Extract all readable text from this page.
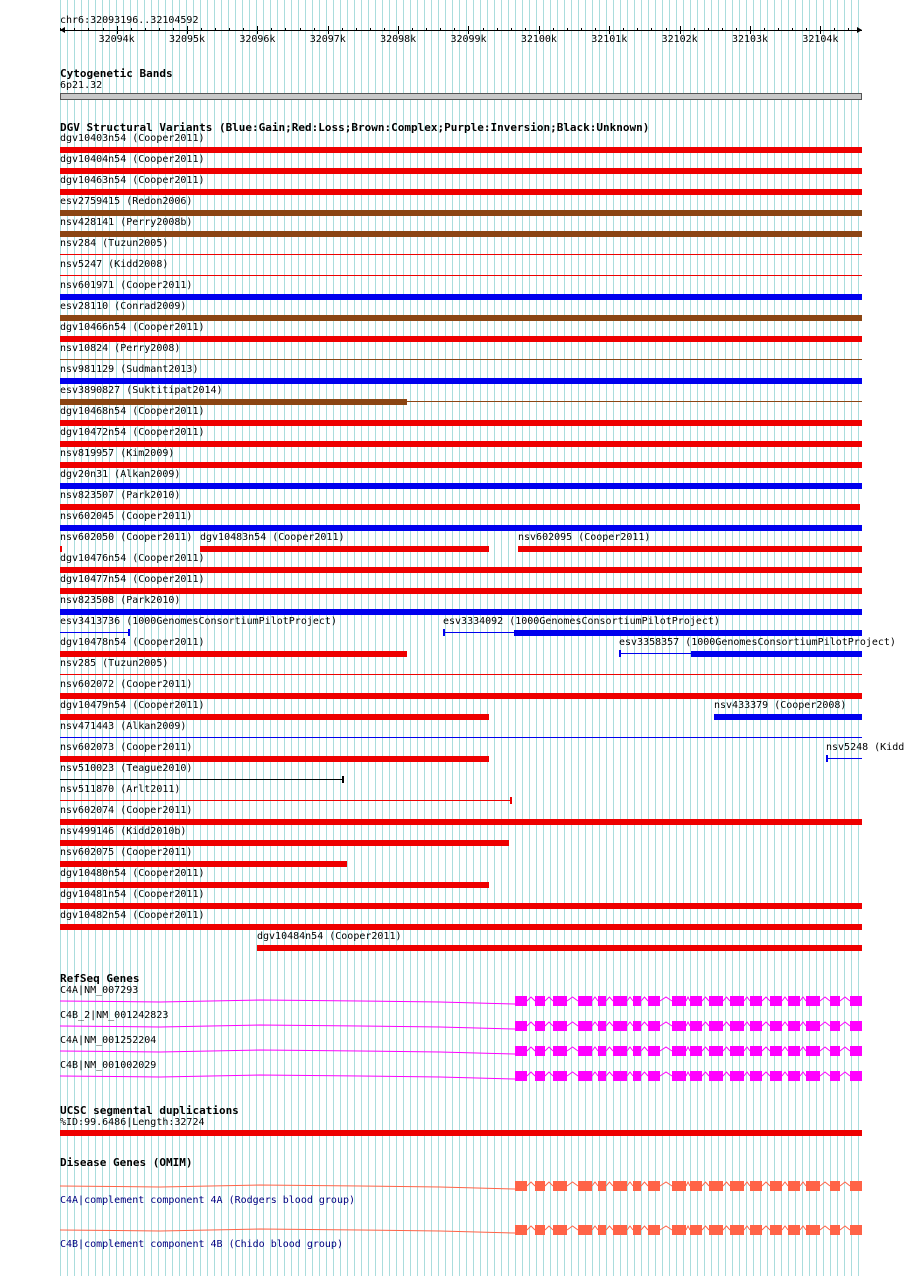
chr6:32093196..32104592
32094k	32095k	32096k	32097k	32098k	32099k	32100k	32101k	32102k	32103k	32104k
Cytogenetic Bands
6p21.32
DGV Structural Variants (Blue:Gain;Red:Loss;Brown:Complex;Purple:Inversion;Black:Unknown)
dgv10403n54 (Cooper2011)
dgv10404n54 (Cooper2011)
dgv10463n54 (Cooper2011)
esv2759415 (Redon2006)
nsv428141 (Perry2008b)
nsv284 (Tuzun2005)
nsv5247 (Kidd2008)
nsv601971 (Cooper2011)
esv28110 (Conrad2009)
dgv10466n54 (Cooper2011)
nsv10824 (Perry2008)
nsv981129 (Sudmant2013)
esv3890827 (Suktitipat2014)
dgv10468n54 (Cooper2011)
dgv10472n54 (Cooper2011)
nsv819957 (Kim2009)
dgv20n31 (Alkan2009)
nsv823507 (Park2010)
nsv602045 (Cooper2011)
nsv602050 (Cooper2011) dgv10483n54 (Cooper2011)	nsv602095 (Cooper2011)
dgv10476n54 (Cooper2011)
dgv10477n54 (Cooper2011)
nsv823508 (Park2010)
esv3413736 (1000GenomesConsortiumPilotProject)	esv3334092 (1000GenomesConsortiumPilotProject)
dgv10478n54 (Cooper2011)	esv3358357 (1000GenomesConsortiumPilotProject)
nsv285 (Tuzun2005)
nsv602072 (Cooper2011)
dgv10479n54 (Cooper2011)	nsv433379 (Cooper2008)
nsv471443 (Alkan2009)
nsv602073 (Cooper2011)	nsv5248 (Kidd
nsv510023 (Teague2010)
nsv511870 (Arlt2011)
nsv602074 (Cooper2011)
nsv499146 (Kidd2010b)
nsv602075 (Cooper2011)
dgv10480n54 (Cooper2011)
dgv10481n54 (Cooper2011)
dgv10482n54 (Cooper2011)
dgv10484n54 (Cooper2011)
RefSeq Genes
C4A|NM_007293
C4B_2|NM_001242823
C4A|NM_001252204
C4B|NM_001002029
UCSC segmental duplications
%ID:99.6486|Length:32724
Disease Genes (OMIM)
C4A|complement component 4A (Rodgers blood group)
C4B|complement component 4B (Chido blood group)
